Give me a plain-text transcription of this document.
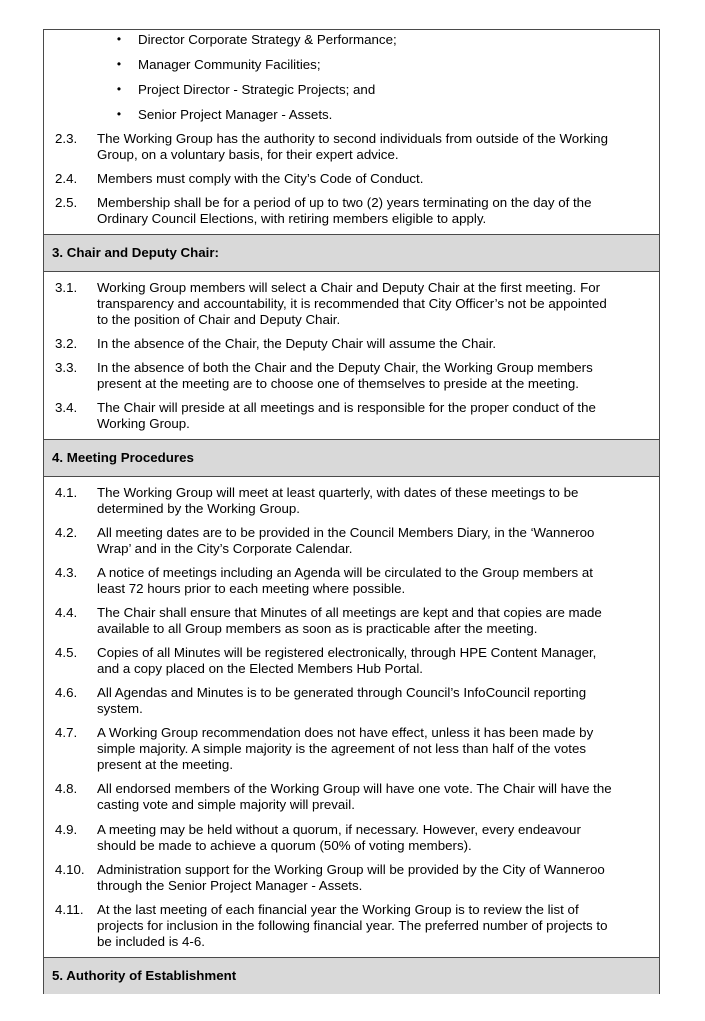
• Director Corporate Strategy & Performance;
• Manager Community Facilities;
• Project Director - Strategic Projects; and
• Senior Project Manager - Assets.
2.3.	The Working Group has the authority to second individuals from outside of the Working
Group, on a voluntary basis, for their expert advice.
2.4.	Members must comply with the City’s Code of Conduct.
2.5.	Membership shall be for a period of up to two (2) years terminating on the day of the
Ordinary Council Elections, with retiring members eligible to apply.
3. Chair and Deputy Chair:
3.1.	Working Group members will select a Chair and Deputy Chair at the first meeting. For
transparency and accountability, it is recommended that City Officer’s not be appointed
to the position of Chair and Deputy Chair.
3.2.	In the absence of the Chair, the Deputy Chair will assume the Chair.
3.3.	In the absence of both the Chair and the Deputy Chair, the Working Group members
present at the meeting are to choose one of themselves to preside at the meeting.
3.4.	The Chair will preside at all meetings and is responsible for the proper conduct of the
Working Group.
4. Meeting Procedures
4.1.	The Working Group will meet at least quarterly, with dates of these meetings to be
determined by the Working Group.
4.2.	All meeting dates are to be provided in the Council Members Diary, in the ‘Wanneroo
Wrap’ and in the City’s Corporate Calendar.
4.3.	A notice of meetings including an Agenda will be circulated to the Group members at
least 72 hours prior to each meeting where possible.
4.4.	The Chair shall ensure that Minutes of all meetings are kept and that copies are made
available to all Group members as soon as is practicable after the meeting.
4.5.	Copies of all Minutes will be registered electronically, through HPE Content Manager,
and a copy placed on the Elected Members Hub Portal.
4.6.	All Agendas and Minutes is to be generated through Council’s InfoCouncil reporting
system.
4.7.	A Working Group recommendation does not have effect, unless it has been made by
simple majority. A simple majority is the agreement of not less than half of the votes
present at the meeting.
4.8.	All endorsed members of the Working Group will have one vote. The Chair will have the
casting vote and simple majority will prevail.
4.9.	A meeting may be held without a quorum, if necessary. However, every endeavour
should be made to achieve a quorum (50% of voting members).
4.10. Administration support for the Working Group will be provided by the City of Wanneroo
through the Senior Project Manager - Assets.
4.11.	At the last meeting of each financial year the Working Group is to review the list of
projects for inclusion in the following financial year. The preferred number of projects to
be included is 4-6.
5. Authority of Establishment
